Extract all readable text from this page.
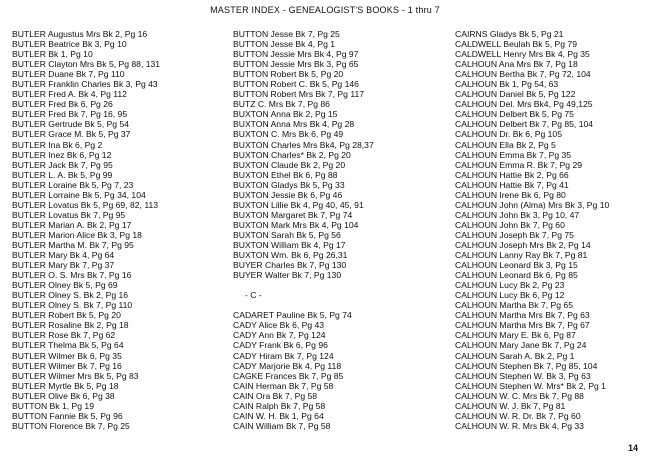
MASTER INDEX - GENEALOGIST'S BOOKS - 1 thru 7
BUTLER Augustus Mrs Bk 2, Pg 16
BUTLER Beatrice Bk 3, Pg 10
BUTLER Bk 1, Pg 10
BUTLER Clayton Mrs Bk 5, Pg 88, 131
BUTLER Duane Bk 7, Pg 110
BUTLER Franklin Charles Bk 3, Pg 43
BUTLER Fred A. Bk 4, Pg 112
BUTLER Fred Bk 6, Pg 26
BUTLER Fred Bk 7, Pg 16, 95
BUTLER Gertrude Bk 5, Pg 54
BUTLER Grace M. Bk 5, Pg 37
BUTLER Ina Bk 6, Pg 2
BUTLER Inez Bk 6, Pg 12
BUTLER Jack Bk 7, Pg 95
BUTLER L. A. Bk 5, Pg 99
BUTLER Loraine Bk 5, Pg 7, 23
BUTLER Lorraine Bk 5, Pg 34, 104
BUTLER Lovatus Bk 5, Pg 69, 82, 113
BUTLER Lovatus Bk 7, Pg 95
BUTLER Marian A. Bk 2, Pg 17
BUTLER Marion Alice Bk 3, Pg 18
BUTLER Martha M. Bk 7, Pg 95
BUTLER Mary Bk 4, Pg 64
BUTLER Mary Bk 7, Pg 37
BUTLER O. S. Mrs Bk 7, Pg 16
BUTLER Olney Bk 5, Pg 69
BUTLER Olney S. Bk 2, Pg 16
BUTLER Olney S. Bk 7, Pg 110
BUTLER Robert Bk 5, Pg 20
BUTLER Rosaline Bk 2, Pg 18
BUTLER Rose Bk 7, Pg 62
BUTLER Thelma Bk 5, Pg 64
BUTLER Wilmer Bk 6, Pg 35
BUTLER Wilmer Bk 7, Pg 16
BUTLER Wilmer Mrs Bk 5, Pg 83
BUTLER Myrtle Bk 5, Pg 18
BUTLER Olive Bk 6, Pg 38
BUTTON Bk 1, Pg 19
BUTTON Fannie Bk 5, Pg 96
BUTTON Florence Bk 7, Pg 25
BUTTON Jesse Bk 7, Pg 25
BUTTON Jesse Bk 4, Pg 1
BUTTON Jessie Mrs Bk 4, Pg 97
BUTTON Jessie Mrs Bk 3, Pg 65
BUTTON Robert Bk 5, Pg 20
BUTTON Robert C. Bk 5, Pg 146
BUTTON Robert Mrs Bk 7, Pg 117
BUTZ C. Mrs Bk 7, Pg 86
BUXTON Anna Bk 2, Pg 15
BUXTON Anna Mrs Bk 4, Pg 28
BUXTON C. Mrs Bk 6, Pg 49
BUXTON Charles Mrs Bk4, Pg 28,37
BUXTON Charles* Bk 2, Pg 20
BUXTON Claude Bk 2, Pg 20
BUXTON Ethel Bk 6, Pg 88
BUXTON Gladys Bk 5, Pg 33
BUXTON Jessie Bk 6, Pg 46
BUXTON Lillie Bk 4, Pg 40, 45, 91
BUXTON Margaret Bk 7, Pg 74
BUXTON Mark Mrs Bk 4, Pg 104
BUXTON Sarah Bk 5, Pg 56
BUXTON William Bk 4, Pg 17
BUXTON Wm. Bk 6, Pg 26,31
BUYER Charles Bk 7, Pg 130
BUYER Walter Bk 7, Pg 130
- C -
CADARET Pauline Bk 5, Pg 74
CADY Alice Bk 6, Pg 43
CADY Ann Bk 7, Pg 124
CADY Frank Bk 6, Pg 96
CADY Hiram Bk 7, Pg 124
CADY Marjorie Bk 4, Pg 118
CAGKE Frances Bk 7, Pg 85
CAIN Herman Bk 7, Pg 58
CAIN Ora Bk 7, Pg 58
CAIN Ralph Bk 7, Pg 58
CAIN W. H. Bk 1, Pg 64
CAIN William Bk 7, Pg 58
CAIRNS Gladys Bk 5, Pg 21
CALDWELL Beulah Bk 5, Pg 79
CALDWELL Henry Mrs Bk 4, Pg 35
CALHOUN Ana Mrs Bk 7, Pg 18
CALHOUN Bertha Bk 7, Pg 72, 104
CALHOUN Bk 1, Pg 54, 63
CALHOUN Daniel Bk 5, Pg 122
CALHOUN Del. Mrs Bk4, Pg 49,125
CALHOUN Delbert Bk 5, Pg 75
CALHOUN Delbert Bk 7, Pg 85, 104
CALHOUN Dr. Bk 6, Pg 105
CALHOUN Ella Bk 2, Pg 5
CALHOUN Emma Bk 7, Pg 35
CALHOUN Emma R. Bk 7, Pg 29
CALHOUN Hattie Bk 2, Pg 66
CALHOUN Hattie Bk 7, Pg 41
CALHOUN Irene Bk 6, Pg 80
CALHOUN John (Alma) Mrs Bk 3, Pg 10
CALHOUN John Bk 3, Pg 10, 47
CALHOUN John Bk 7, Pg 60
CALHOUN Joseph Bk 7, Pg 75
CALHOUN Joseph Mrs Bk 2, Pg 14
CALHOUN Lanny Ray Bk 7, Pg 81
CALHOUN Leonard Bk 3, Pg 15
CALHOUN Leonard Bk 6, Pg 85
CALHOUN Lucy Bk 2, Pg 23
CALHOUN Lucy Bk 6, Pg 12
CALHOUN Martha Bk 7, Pg 65
CALHOUN Martha Mrs Bk 7, Pg 63
CALHOUN Martha Mrs Bk 7, Pg 67
CALHOUN Mary E. Bk 6, Pg 87
CALHOUN Mary Jane Bk 7, Pg 24
CALHOUN Sarah A. Bk 2, Pg 1
CALHOUN Stephen Bk 7, Pg 85, 104
CALHOUN Stephen W. Bk 3, Pg 63
CALHOUN Stephen W. Mrs* Bk 2, Pg 1
CALHOUN W. C. Mrs Bk 7, Pg 88
CALHOUN W. J. Bk 7, Pg 81
CALHOUN W. R. Dr. Bk 7, Pg 60
CALHOUN W. R. Mrs Bk 4, Pg 33
14
